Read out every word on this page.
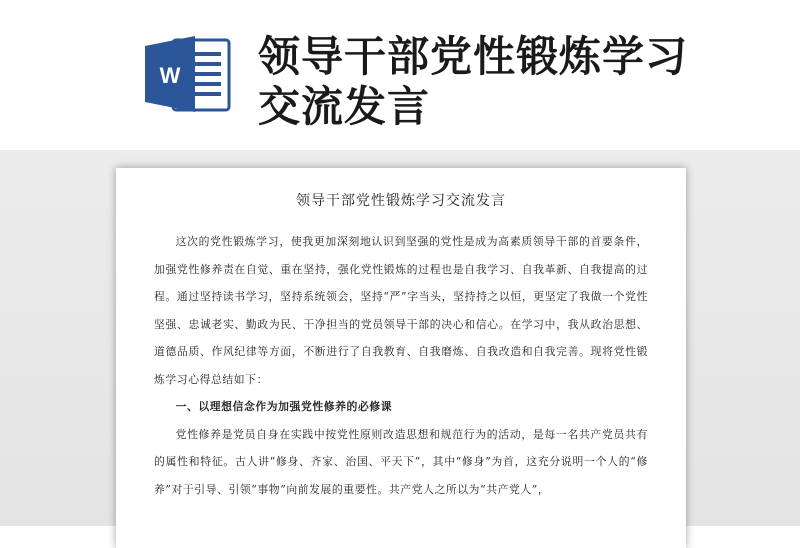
W 领导干部党性锻炼学习交流发言
领导干部党性锻炼学习交流发言

这次的党性锻炼学习，使我更加深刻地认识到坚强的党性是成为高素质领导干部的首要条件，加强党性修养责在自觉、重在坚持，强化党性锻炼的过程也是自我学习、自我革新、自我提高的过程。通过坚持读书学习，坚持系统领会，坚持“严”字当头，坚持持之以恒，更坚定了我做一个党性坚强、忠诚老实、勤政为民、干净担当的党员领导干部的决心和信心。在学习中，我从政治思想、道德品质、作风纪律等方面，不断进行了自我教育、自我磨炼、自我改造和自我完善。现将党性锻炼学习心得总结如下：

一、以理想信念作为加强党性修养的必修课

党性修养是党员自身在实践中按党性原则改造思想和规范行为的活动，是每一名共产党员共有的属性和特征。古人讲“修身、齐家、治国、平天下”，其中“修身”为首，这充分说明一个人的“修养”对于引导、引领“事物”向前发展的重要性。共产党人之所以为“共产党人”，
